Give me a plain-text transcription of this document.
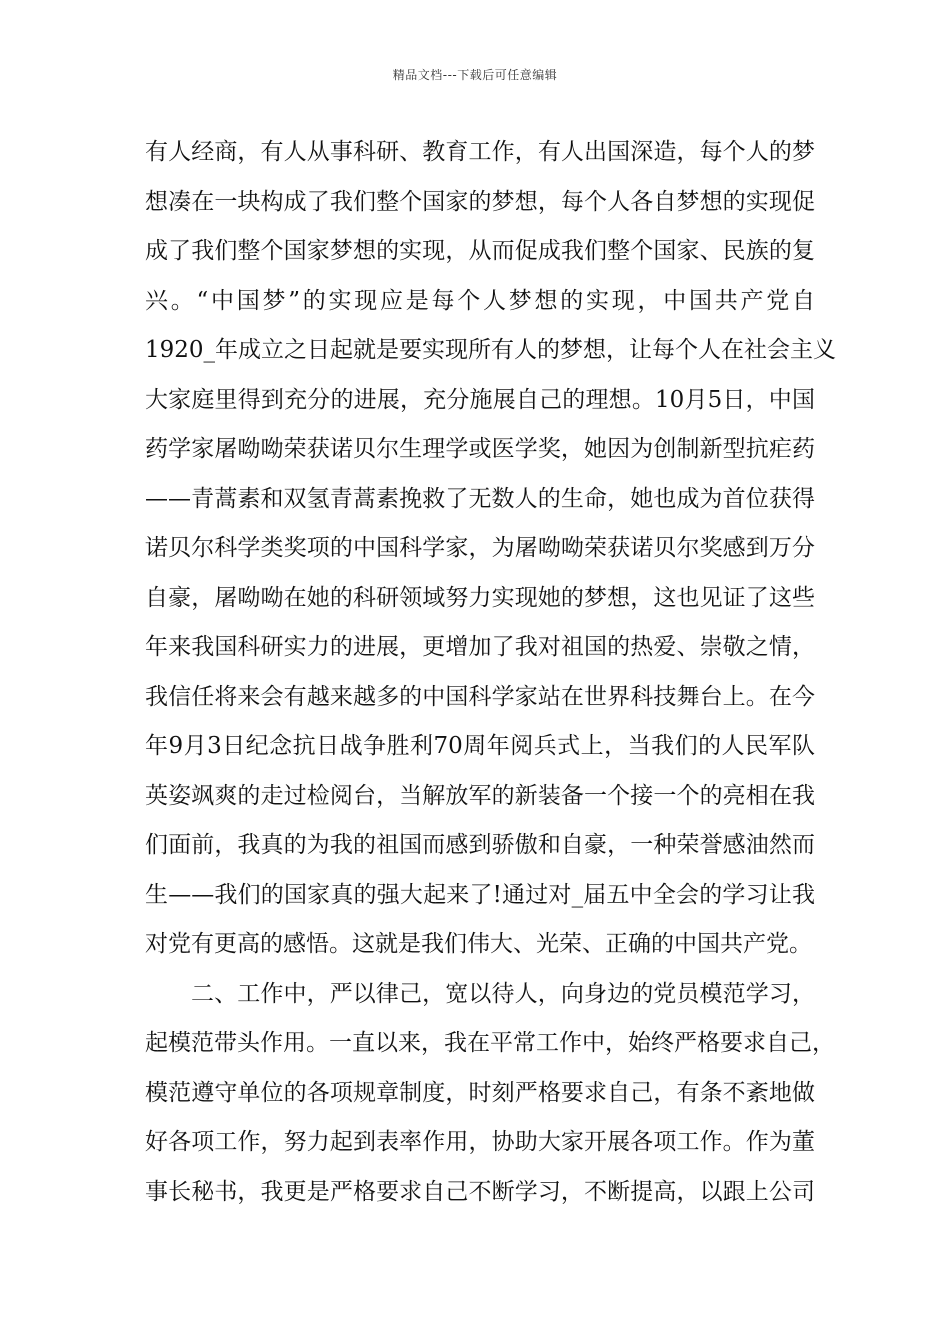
精品文档---下载后可任意编辑
有人经商，有人从事科研、教育工作，有人出国深造，每个人的梦
想凑在一块构成了我们整个国家的梦想，每个人各自梦想的实现促
成了我们整个国家梦想的实现，从而促成我们整个国家、民族的复
兴。“中国梦”的实现应是每个人梦想的实现，中国共产党自
1920_年成立之日起就是要实现所有人的梦想，让每个人在社会主义
大家庭里得到充分的进展，充分施展自己的理想。10月5日，中国
药学家屠呦呦荣获诺贝尔生理学或医学奖，她因为创制新型抗疟药
——青蒿素和双氢青蒿素挽救了无数人的生命，她也成为首位获得
诺贝尔科学类奖项的中国科学家，为屠呦呦荣获诺贝尔奖感到万分
自豪，屠呦呦在她的科研领域努力实现她的梦想，这也见证了这些
年来我国科研实力的进展，更增加了我对祖国的热爱、崇敬之情，
我信任将来会有越来越多的中国科学家站在世界科技舞台上。在今
年9月3日纪念抗日战争胜利70周年阅兵式上，当我们的人民军队
英姿飒爽的走过检阅台，当解放军的新装备一个接一个的亮相在我
们面前，我真的为我的祖国而感到骄傲和自豪，一种荣誉感油然而
生——我们的国家真的强大起来了!通过对_届五中全会的学习让我
对党有更高的感悟。这就是我们伟大、光荣、正确的中国共产党。
二、工作中，严以律己，宽以待人，向身边的党员模范学习，
起模范带头作用。一直以来，我在平常工作中，始终严格要求自己，
模范遵守单位的各项规章制度，时刻严格要求自己，有条不紊地做
好各项工作，努力起到表率作用，协助大家开展各项工作。作为董
事长秘书，我更是严格要求自己不断学习，不断提高，以跟上公司
